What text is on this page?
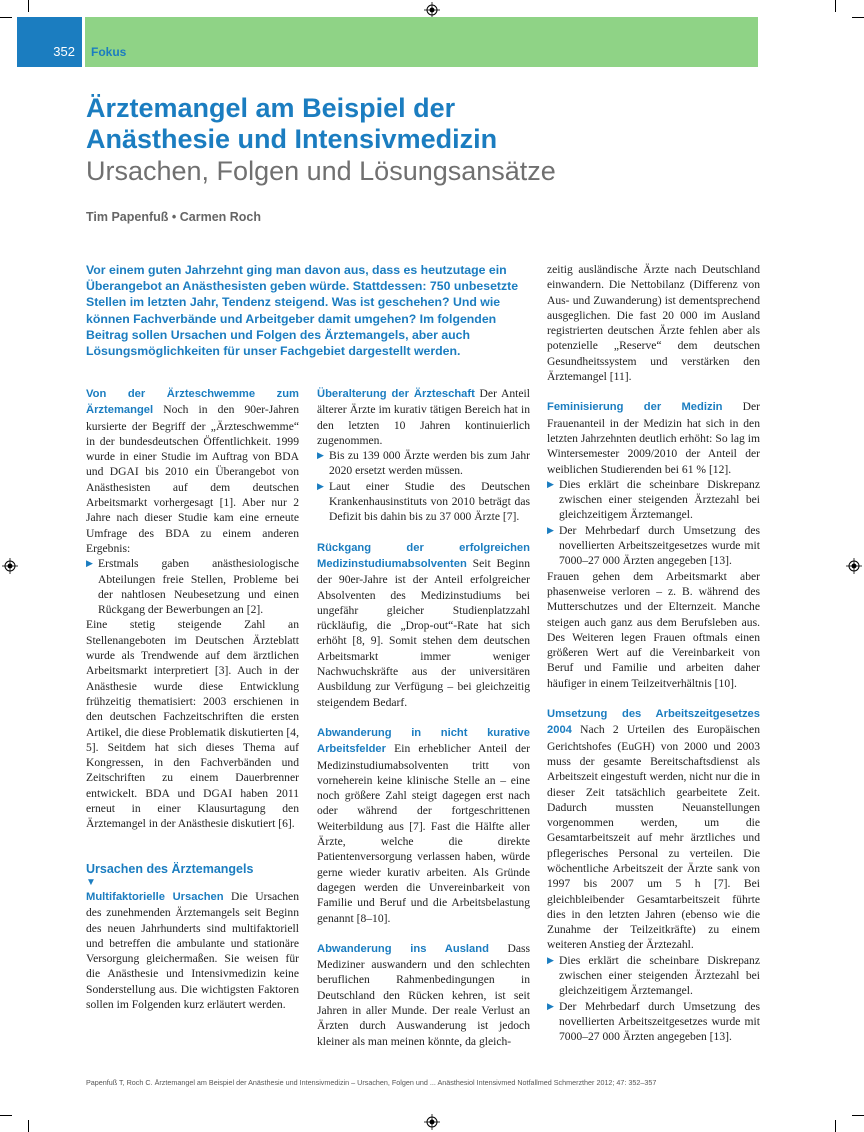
352 Fokus
Ärztemangel am Beispiel der
Anästhesie und Intensivmedizin
Ursachen, Folgen und Lösungsansätze
Tim Papenfuß • Carmen Roch
Vor einem guten Jahrzehnt ging man davon aus, dass es heutzutage ein Überangebot an Anästhesisten geben würde. Stattdessen: 750 unbesetzte Stellen im letzten Jahr, Tendenz steigend. Was ist geschehen? Und wie können Fachverbände und Arbeitgeber damit umgehen? Im folgenden Beitrag sollen Ursachen und Folgen des Ärztemangels, aber auch Lösungsmöglichkeiten für unser Fachgebiet dargestellt werden.

Von der Ärzteschwemme zum Ärztemangel Noch in den 90er-Jahren kursierte der Begriff der „Ärzteschwemme“ in der bundesdeutschen Öffentlichkeit. 1999 wurde in einer Studie im Auftrag von BDA und DGAI bis 2010 ein Überangebot von Anästhesisten auf dem deutschen Arbeitsmarkt vorhergesagt [1]. Aber nur 2 Jahre nach dieser Studie kam eine erneute Umfrage des BDA zu einem anderen Ergebnis:

▶ Erstmals gaben anästhesiologische Abteilungen freie Stellen, Probleme bei der nahtlosen Neubesetzung und einen Rückgang der Bewerbungen an [2].

Eine stetig steigende Zahl an Stellenangeboten im Deutschen Ärzteblatt wurde als Trendwende auf dem ärztlichen Arbeitsmarkt interpretiert [3]. Auch in der Anästhesie wurde diese Entwicklung frühzeitig thematisiert: 2003 erschienen in den deutschen Fachzeitschriften die ersten Artikel, die diese Problematik diskutierten [4, 5]. Seitdem hat sich dieses Thema auf Kongressen, in den Fachverbänden und Zeitschriften zu einem Dauerbrenner entwickelt. BDA und DGAI haben 2011 erneut in einer Klausurtagung den Ärztemangel in der Anästhesie diskutiert [6].

Ursachen des Ärztemangels
▼

Multifaktorielle Ursachen Die Ursachen des zunehmenden Ärztemangels seit Beginn des neuen Jahrhunderts sind multifaktoriell und betreffen die ambulante und stationäre Versorgung gleichermaßen. Sie weisen für die Anästhesie und Intensivmedizin keine Sonderstellung aus. Die wichtigsten Faktoren sollen im Folgenden kurz erläutert werden.

Überalterung der Ärzteschaft Der Anteil älterer Ärzte im kurativ tätigen Bereich hat in den letzten 10 Jahren kontinuierlich zugenommen.

▶ Bis zu 139 000 Ärzte werden bis zum Jahr 2020 ersetzt werden müssen.
▶ Laut einer Studie des Deutschen Krankenhausinstituts von 2010 beträgt das Defizit bis dahin bis zu 37 000 Ärzte [7].

Rückgang der erfolgreichen Medizinstudiumabsolventen Seit Beginn der 90er-Jahre ist der Anteil erfolgreicher Absolventen des Medizinstudiums bei ungefähr gleicher Studienplatzzahl rückläufig, die „Drop-out“-Rate hat sich erhöht [8, 9]. Somit stehen dem deutschen Arbeitsmarkt immer weniger Nachwuchskräfte aus der universitären Ausbildung zur Verfügung – bei gleichzeitig steigendem Bedarf.

Abwanderung in nicht kurative Arbeitsfelder Ein erheblicher Anteil der Medizinstudiumabsolventen tritt von vorneherein keine klinische Stelle an – eine noch größere Zahl steigt dagegen erst nach oder während der fortgeschrittenen Weiterbildung aus [7]. Fast die Hälfte aller Ärzte, welche die direkte Patientenversorgung verlassen haben, würde gerne wieder kurativ arbeiten. Als Gründe dagegen werden die Unvereinbarkeit von Familie und Beruf und die Arbeitsbelastung genannt [8–10].

Abwanderung ins Ausland Dass Mediziner auswandern und den schlechten beruflichen Rahmenbedingungen in Deutschland den Rücken kehren, ist seit Jahren in aller Munde. Der reale Verlust an Ärzten durch Auswanderung ist jedoch kleiner als man meinen könnte, da gleich-

zeitig ausländische Ärzte nach Deutschland einwandern. Die Nettobilanz (Differenz von Aus- und Zuwanderung) ist dementsprechend ausgeglichen. Die fast 20 000 im Ausland registrierten deutschen Ärzte fehlen aber als potenzielle „Reserve“ dem deutschen Gesundheitssystem und verstärken den Ärztemangel [11].

Feminisierung der Medizin Der Frauenanteil in der Medizin hat sich in den letzten Jahrzehnten deutlich erhöht: So lag im Wintersemester 2009/2010 der Anteil der weiblichen Studierenden bei 61 % [12].

▶ Dies erklärt die scheinbare Diskrepanz zwischen einer steigenden Ärztezahl bei gleichzeitigem Ärztemangel.
▶ Der Mehrbedarf durch Umsetzung des novellierten Arbeitszeitgesetzes wurde mit 7000–27 000 Ärzten angegeben [13].

Frauen gehen dem Arbeitsmarkt aber phasenweise verloren – z. B. während des Mutterschutzes und der Elternzeit. Manche steigen auch ganz aus dem Berufsleben aus. Des Weiteren legen Frauen oftmals einen größeren Wert auf die Vereinbarkeit von Beruf und Familie und arbeiten daher häufiger in einem Teilzeitverhältnis [10].

Umsetzung des Arbeitszeitgesetzes 2004 Nach 2 Urteilen des Europäischen Gerichtshofes (EuGH) von 2000 und 2003 muss der gesamte Bereitschaftsdienst als Arbeitszeit eingestuft werden, nicht nur die in dieser Zeit tatsächlich gearbeitete Zeit. Dadurch mussten Neuanstellungen vorgenommen werden, um die Gesamtarbeitszeit auf mehr ärztliches und pflegerisches Personal zu verteilen. Die wöchentliche Arbeitszeit der Ärzte sank von 1997 bis 2007 um 5 h [7]. Bei gleichbleibender Gesamtarbeitszeit führte dies in den letzten Jahren (ebenso wie die Zunahme der Teilzeitkräfte) zu einem weiteren Anstieg der Ärztezahl.

▶ Dies erklärt die scheinbare Diskrepanz zwischen einer steigenden Ärztezahl bei gleichzeitigem Ärztemangel.
▶ Der Mehrbedarf durch Umsetzung des novellierten Arbeitszeitgesetzes wurde mit 7000–27 000 Ärzten angegeben [13].
Papenfuß T, Roch C. Ärztemangel am Beispiel der Anästhesie und Intensivmedizin – Ursachen, Folgen und ... Anästhesiol Intensivmed Notfallmed Schmerzther 2012; 47: 352–357
